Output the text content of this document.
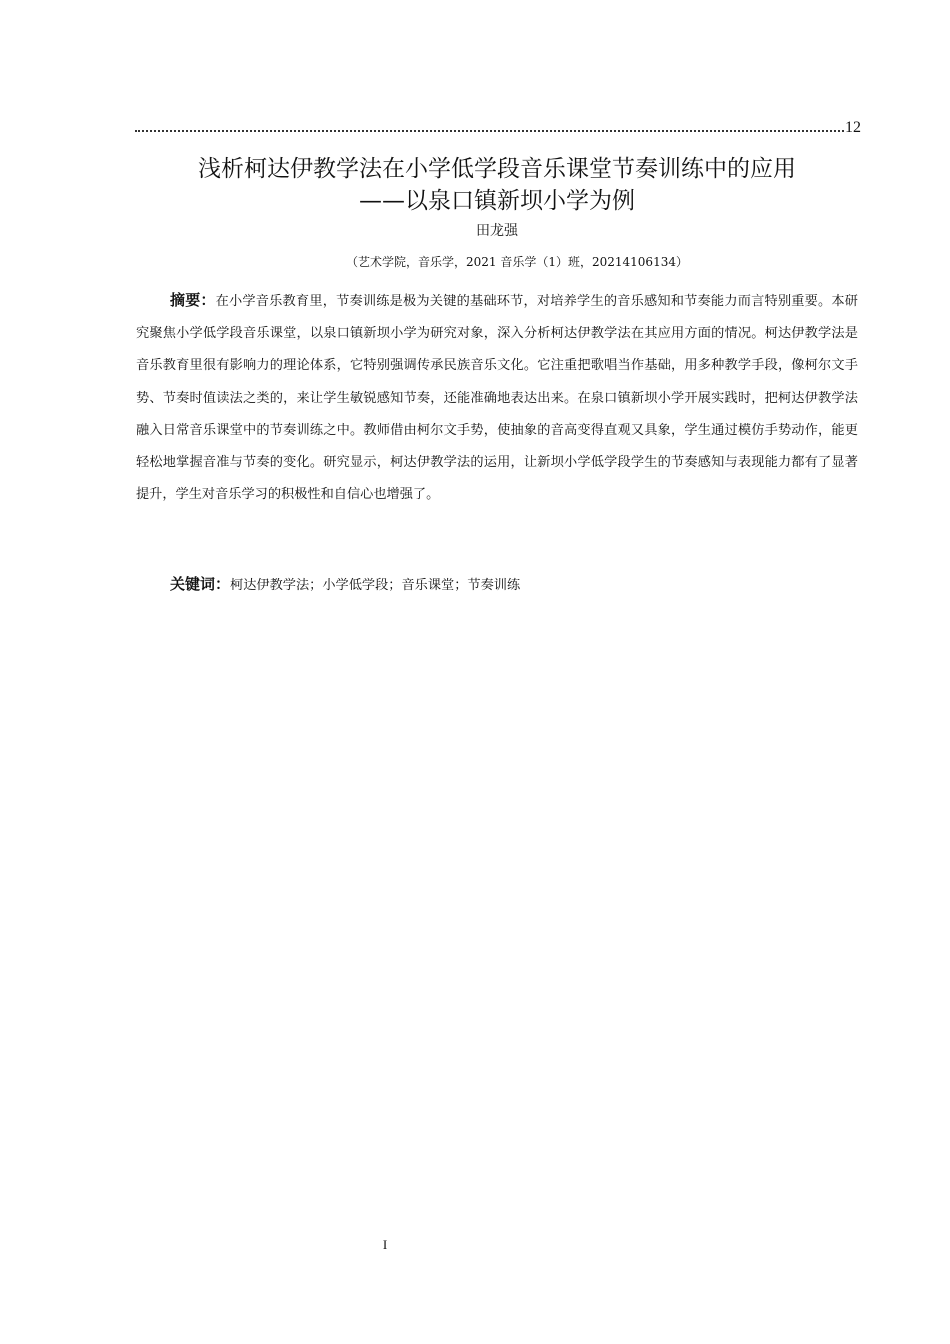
12
浅析柯达伊教学法在小学低学段音乐课堂节奏训练中的应用
——以泉口镇新坝小学为例
田龙强
（艺术学院，音乐学，2021 音乐学（1）班，20214106134）

摘要：在小学音乐教育里，节奏训练是极为关键的基础环节，对培养学生的音乐感知和节奏能力而言特别重要。本研究聚焦小学低学段音乐课堂，以泉口镇新坝小学为研究对象，深入分析柯达伊教学法在其应用方面的情况。柯达伊教学法是音乐教育里很有影响力的理论体系，它特别强调传承民族音乐文化。它注重把歌唱当作基础，用多种教学手段，像柯尔文手势、节奏时值读法之类的，来让学生敏锐感知节奏，还能准确地表达出来。在泉口镇新坝小学开展实践时，把柯达伊教学法融入日常音乐课堂中的节奏训练之中。教师借由柯尔文手势，使抽象的音高变得直观又具象，学生通过模仿手势动作，能更轻松地掌握音准与节奏的变化。研究显示，柯达伊教学法的运用，让新坝小学低学段学生的节奏感知与表现能力都有了显著提升，学生对音乐学习的积极性和自信心也增强了。

关键词：柯达伊教学法；小学低学段；音乐课堂；节奏训练
I
